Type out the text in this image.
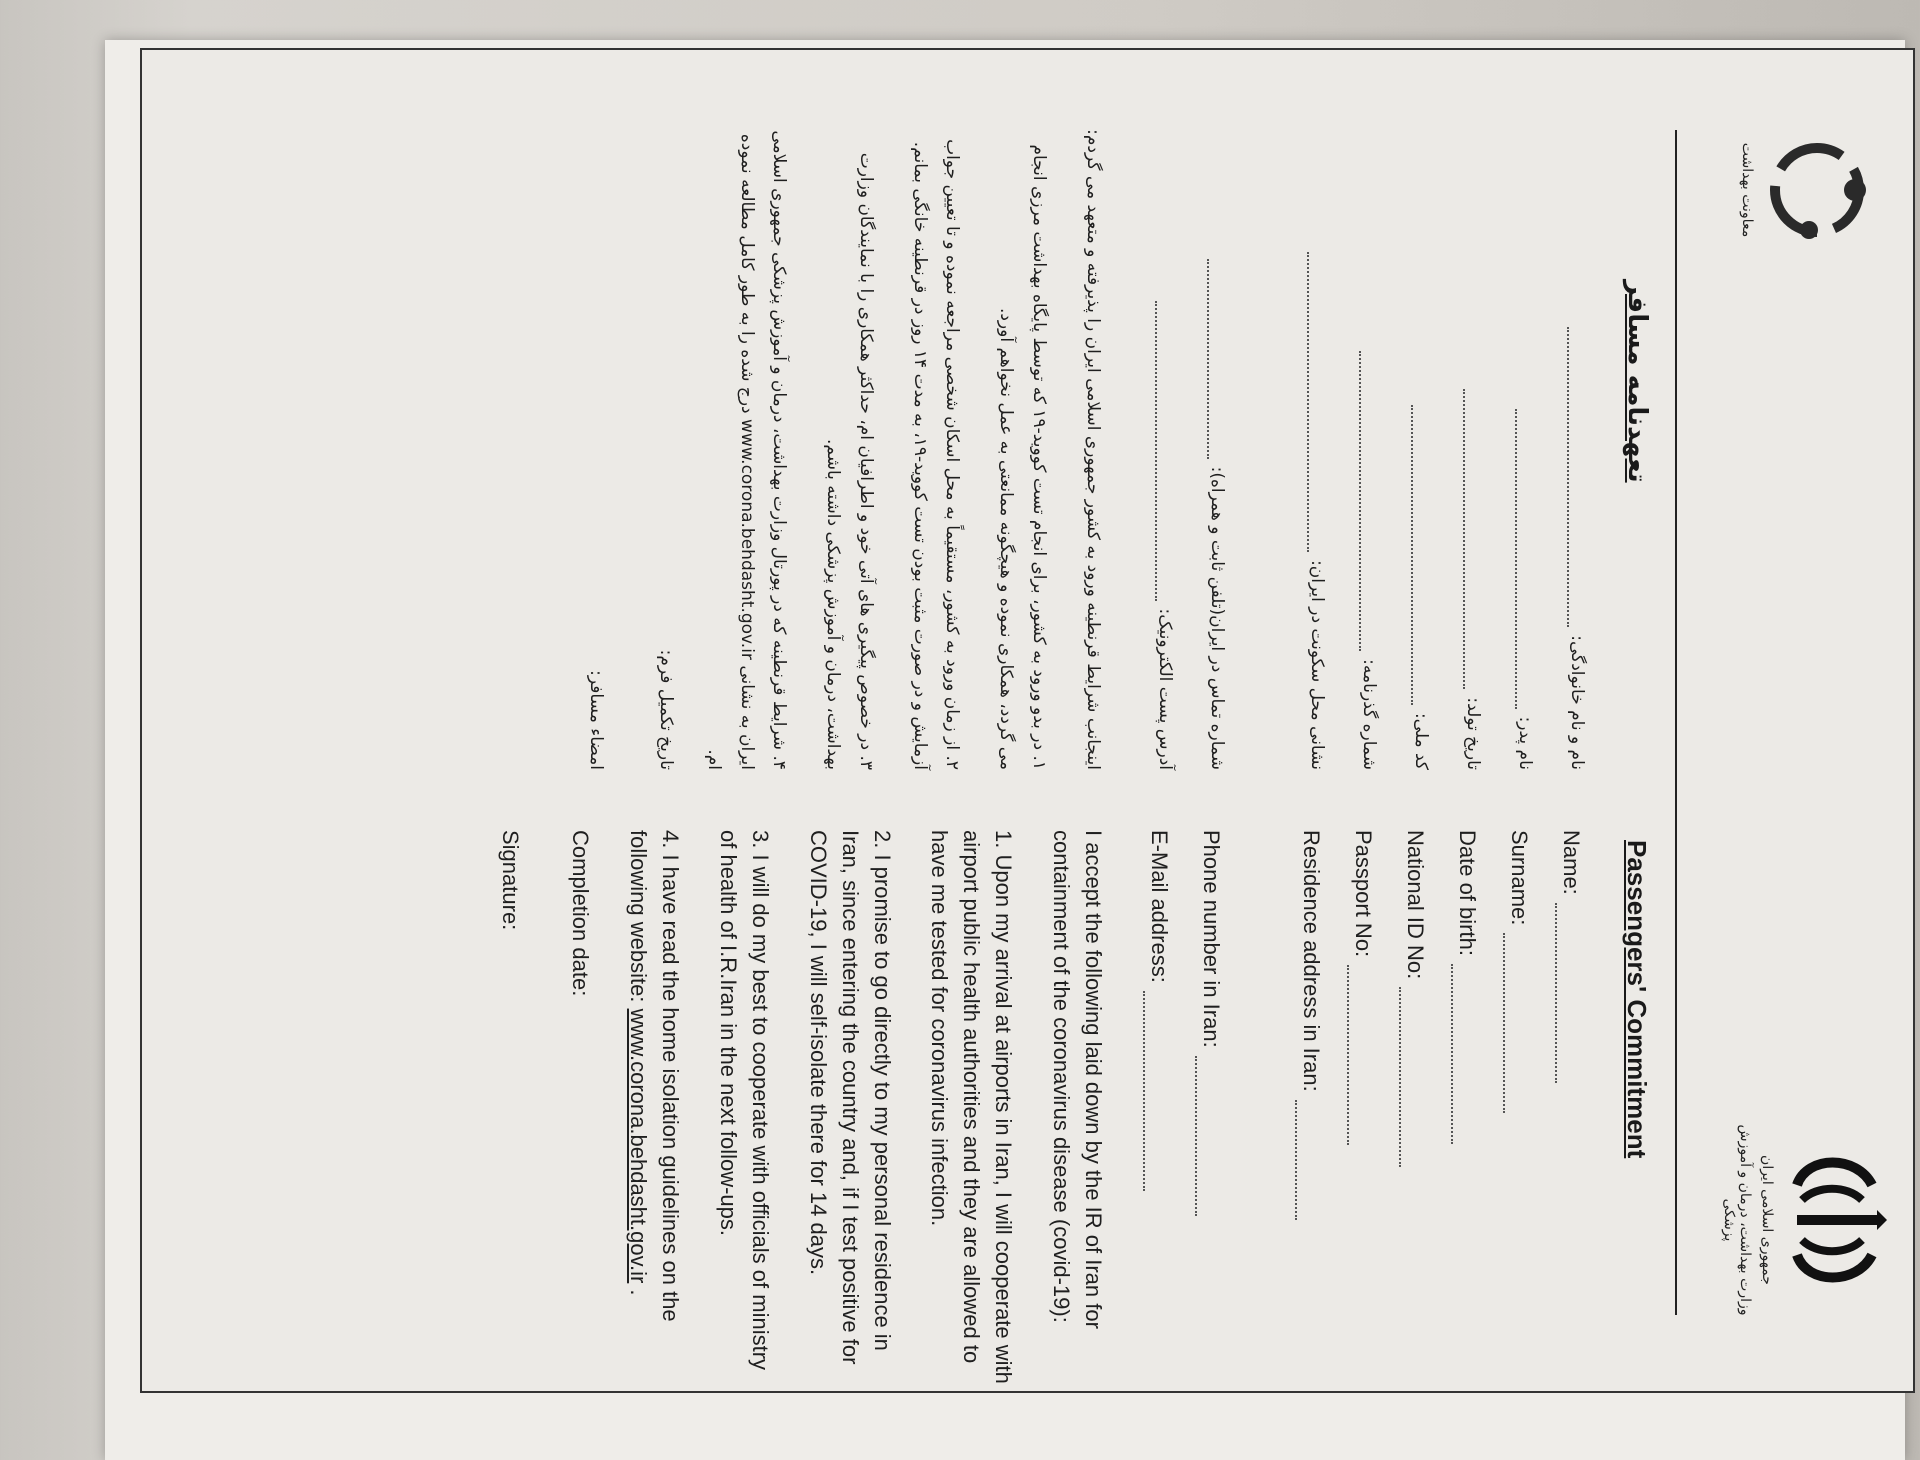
معاونت بهداشت
جمهوری اسلامی ایران
وزارت بهداشت، درمان و آموزش پزشکی
تعهدنامه مسافر
Passengers' Commitment
نام و نام خانوادگی:
نام پدر:
تاریخ تولد:
کد ملی:
شماره گذرنامه:
نشانی محل سکونت در ایران:
شماره تماس در ایران(تلفن ثابت و همراه):
آدرس پست الکترونیک:
اینجانب شرایط قرنطینه ورود به کشور جمهوری اسلامی ایران را پذیرفته و متعهد می گردم:
۱. در بدو ورود به کشور، برای انجام تست کووید-۱۹ که توسط پایگاه بهداشت مرزی انجام می گردد، همکاری نموده و هیچگونه ممانعتی به عمل نخواهم آورد.
۲. از زمان ورود به کشور، مستقیماً به محل اسکان شخصی مراجعه نموده و تا تعیین جواب آزمایش و در صورت مثبت بودن تست کووید-۱۹، به مدت ۱۴ روز در قرنطینه خانگی بمانم.
۳. در خصوص پیگیری های آتی خود و اطرافیان ام، حداکثر همکاری را با نمایندگان وزارت بهداشت، درمان و آموزش پزشکی داشته باشم.
۴. شرایط قرنطینه که در پورتال وزارت بهداشت، درمان و آموزش پزشکی جمهوری اسلامی ایران به نشانی www.corona.behdasht.gov.ir درج شده را به طور کامل مطالعه نموده ام.
تاریخ تکمیل فرم:
امضاء مسافر:
Name:
Surname:
Date of birth:
National ID No:
Passport No:
Residence address in Iran:
Phone number in Iran:
E-Mail address:
I accept the following laid down by the IR of Iran for containment of the coronavirus disease (covid-19):
1. Upon my arrival at airports in Iran, I will cooperate with airport public health authorities and they are allowed to have me tested for coronavirus infection.
2. I promise to go directly to my personal residence in Iran, since entering the country and, if I test positive for COVID-19, I will self-isolate there for 14 days.
3. I will do my best to cooperate with officials of ministry of health of I.R.Iran in the next follow-ups.
4. I have read the home isolation guidelines on the following website: www.corona.behdasht.gov.ir .
Completion date:
Signature:
